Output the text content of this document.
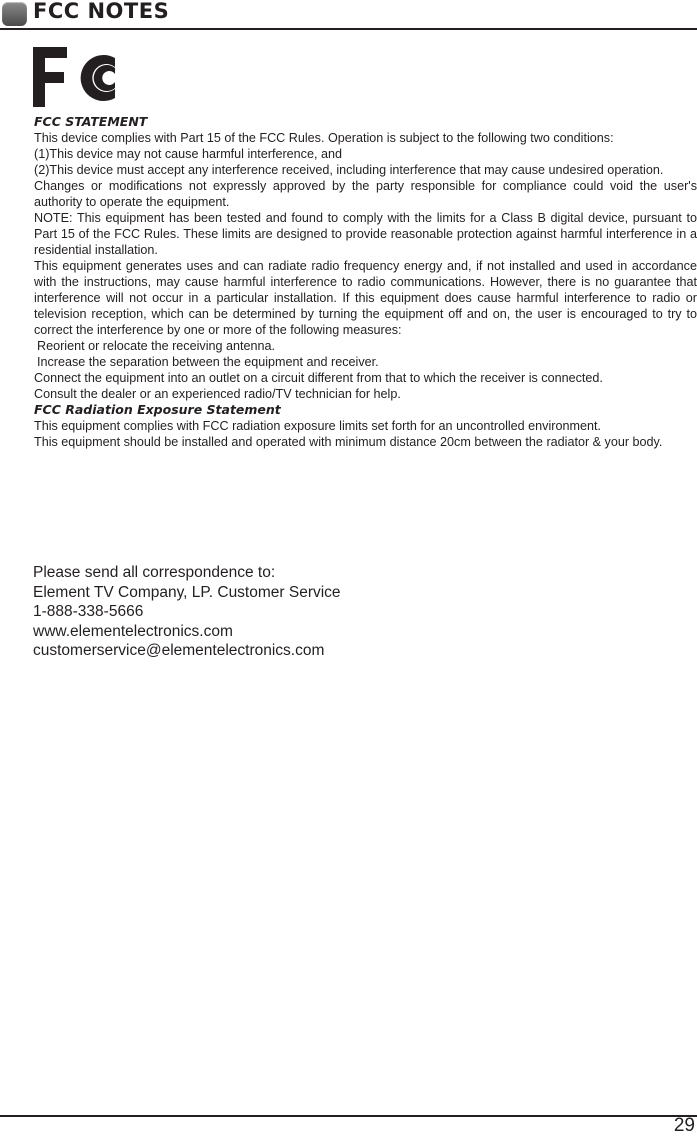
FCC NOTES

FCC STATEMENT

This device complies with Part 15 of the FCC Rules. Operation is subject to the following two conditions:

(1)This device may not cause harmful interference, and

(2)This device must accept any interference received, including interference that may cause undesired operation.

Changes or modifications not expressly approved by the party responsible for compliance could void the user's authority to operate the equipment.

NOTE: This equipment has been tested and found to comply with the limits for a Class B digital device, pursuant to Part 15 of the FCC Rules. These limits are designed to provide reasonable protection against harmful interference in a residential installation.

This equipment generates uses and can radiate radio frequency energy and, if not installed and used in accordance with the instructions, may cause harmful interference to radio communications. However, there is no guarantee that interference will not occur in a particular installation. If this equipment does cause harmful interference to radio or television reception, which can be determined by turning the equipment off and on, the user is encouraged to try to correct the interference by one or more of the following measures:

Reorient or relocate the receiving antenna.

Increase the separation between the equipment and receiver.

Connect the equipment into an outlet on a circuit different from that to which the receiver is connected.

Consult the dealer or an experienced radio/TV technician for help.

FCC Radiation Exposure Statement

This equipment complies with FCC radiation exposure limits set forth for an uncontrolled environment.

This equipment should be installed and operated with minimum distance 20cm between the radiator & your body.

Please send all correspondence to:
Element TV Company, LP. Customer Service
1-888-338-5666
www.elementelectronics.com
customerservice@elementelectronics.com
29
